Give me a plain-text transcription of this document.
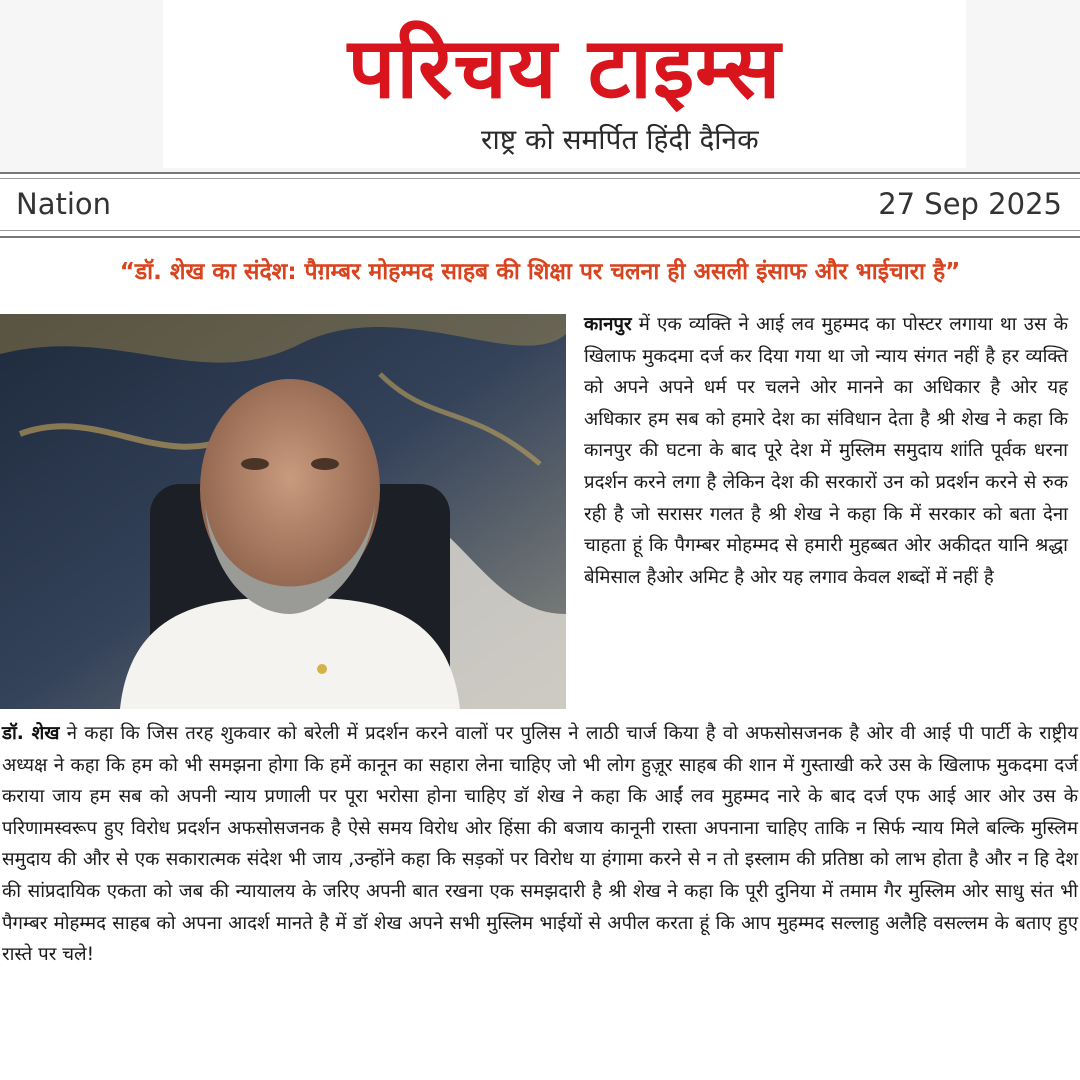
परिचय टाइम्स
राष्ट्र को समर्पित हिंदी दैनिक
Nation	27 Sep 2025
“डॉ. शेख का संदेश: पैग़म्बर मोहम्मद साहब की शिक्षा पर चलना ही असली इंसाफ और भाईचारा है”
कानपुर में एक व्यक्ति ने आई लव मुहम्मद का पोस्टर लगाया था उस के खिलाफ मुकदमा दर्ज कर दिया गया था जो न्याय संगत नहीं है हर व्यक्ति को अपने अपने धर्म पर चलने ओर मानने का अधिकार है ओर यह अधिकार हम सब को हमारे देश का संविधान देता है श्री शेख ने कहा कि कानपुर की घटना के बाद पूरे देश में मुस्लिम समुदाय शांति पूर्वक धरना प्रदर्शन करने लगा है लेकिन देश की सरकारों उन को प्रदर्शन करने से रुक रही है जो सरासर गलत है श्री शेख ने कहा कि में सरकार को बता देना चाहता हूं कि पैगम्बर मोहम्मद से हमारी मुहब्बत ओर अकीदत यानि श्रद्धा बेमिसाल हैओर अमिट है ओर यह लगाव केवल शब्दों में नहीं है
डॉ. शेख ने कहा कि जिस तरह शुकवार को बरेली में प्रदर्शन करने वालों पर पुलिस ने लाठी चार्ज किया है वो अफसोसजनक है ओर वी आई पी पार्टी के राष्ट्रीय अध्यक्ष ने कहा कि हम को भी समझना होगा कि हमें कानून का सहारा लेना चाहिए जो भी लोग हुज़ूर साहब की शान में गुस्ताखी करे उस के खिलाफ मुकदमा दर्ज कराया जाय हम सब को अपनी न्याय प्रणाली पर पूरा भरोसा होना चाहिए डॉ शेख ने कहा कि आईं लव मुहम्मद नारे के बाद दर्ज एफ आई आर ओर उस के परिणामस्वरूप हुए विरोध प्रदर्शन अफसोसजनक है ऐसे समय विरोध ओर हिंसा की बजाय कानूनी रास्ता अपनाना चाहिए ताकि न सिर्फ न्याय मिले बल्कि मुस्लिम समुदाय की और से एक सकारात्मक संदेश भी जाय ,उन्होंने कहा कि सड़कों पर विरोध या हंगामा करने से न तो इस्लाम की प्रतिष्ठा को लाभ होता है और न हि देश की सांप्रदायिक एकता को जब की न्यायालय के जरिए अपनी बात रखना एक समझदारी है श्री शेख ने कहा कि पूरी दुनिया में तमाम गैर मुस्लिम ओर साधु संत भी पैगम्बर मोहम्मद साहब को अपना आदर्श मानते है में डॉ शेख अपने सभी मुस्लिम भाईयों से अपील करता हूं कि आप मुहम्मद सल्लाहु अलैहि वसल्लम के बताए हुए रास्ते पर चले!
